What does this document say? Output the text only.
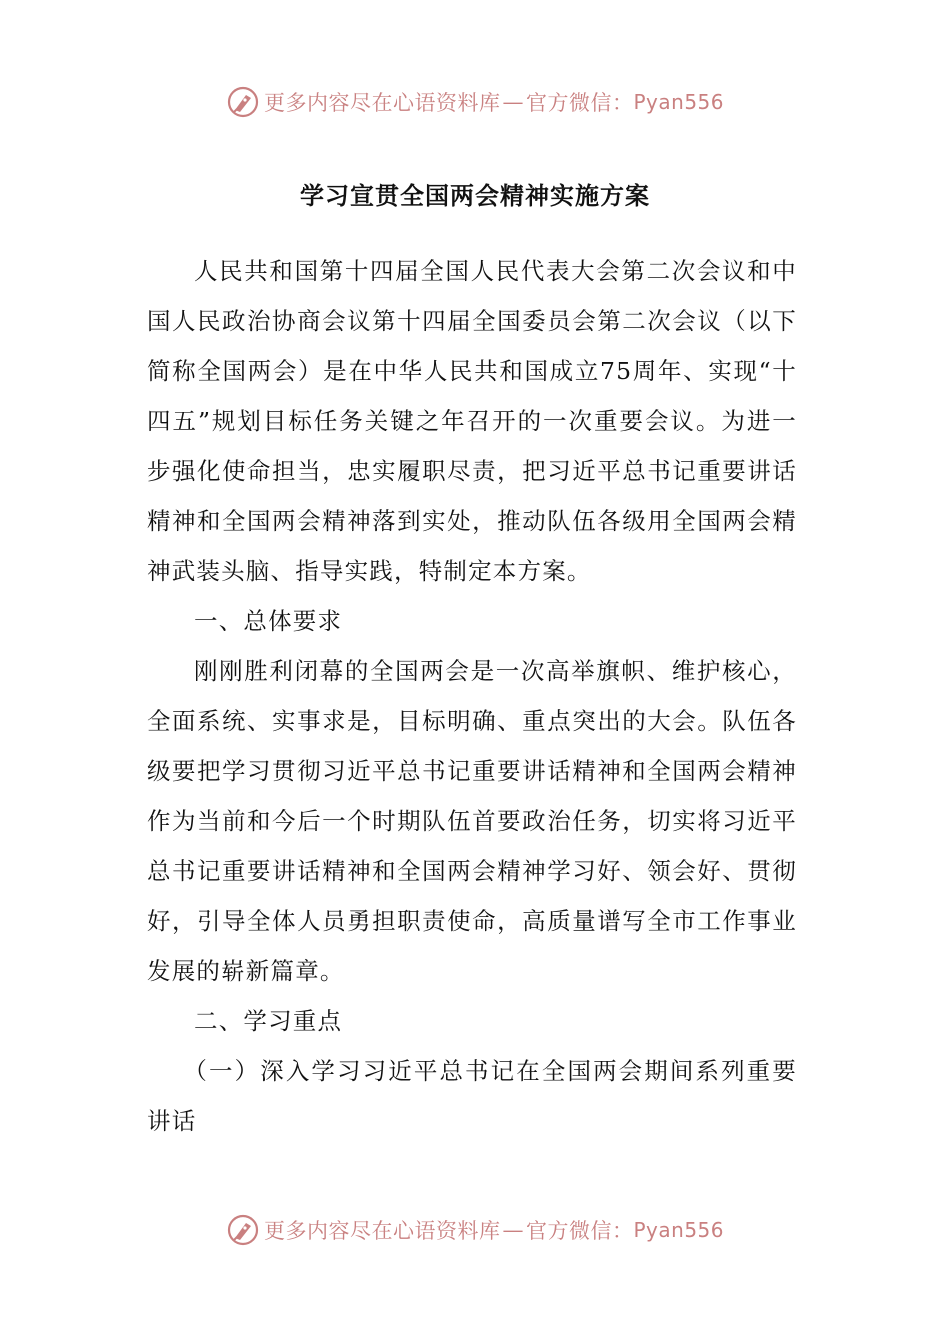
更多内容尽在心语资料库 — 官方微信： Pyan556
学习宣贯全国两会精神实施方案

人民共和国第十四届全国人民代表大会第二次会议和中国人民政治协商会议第十四届全国委员会第二次会议（以下简称全国两会）是在中华人民共和国成立75周年、实现“十四五”规划目标任务关键之年召开的一次重要会议。为进一步强化使命担当，忠实履职尽责，把习近平总书记重要讲话精神和全国两会精神落到实处，推动队伍各级用全国两会精神武装头脑、指导实践，特制定本方案。

一、总体要求

刚刚胜利闭幕的全国两会是一次高举旗帜、维护核心，全面系统、实事求是，目标明确、重点突出的大会。队伍各级要把学习贯彻习近平总书记重要讲话精神和全国两会精神作为当前和今后一个时期队伍首要政治任务，切实将习近平总书记重要讲话精神和全国两会精神学习好、领会好、贯彻好，引导全体人员勇担职责使命，高质量谱写全市工作事业发展的崭新篇章。

二、学习重点

（一）深入学习习近平总书记在全国两会期间系列重要讲话

更多内容尽在心语资料库 — 官方微信： Pyan556
